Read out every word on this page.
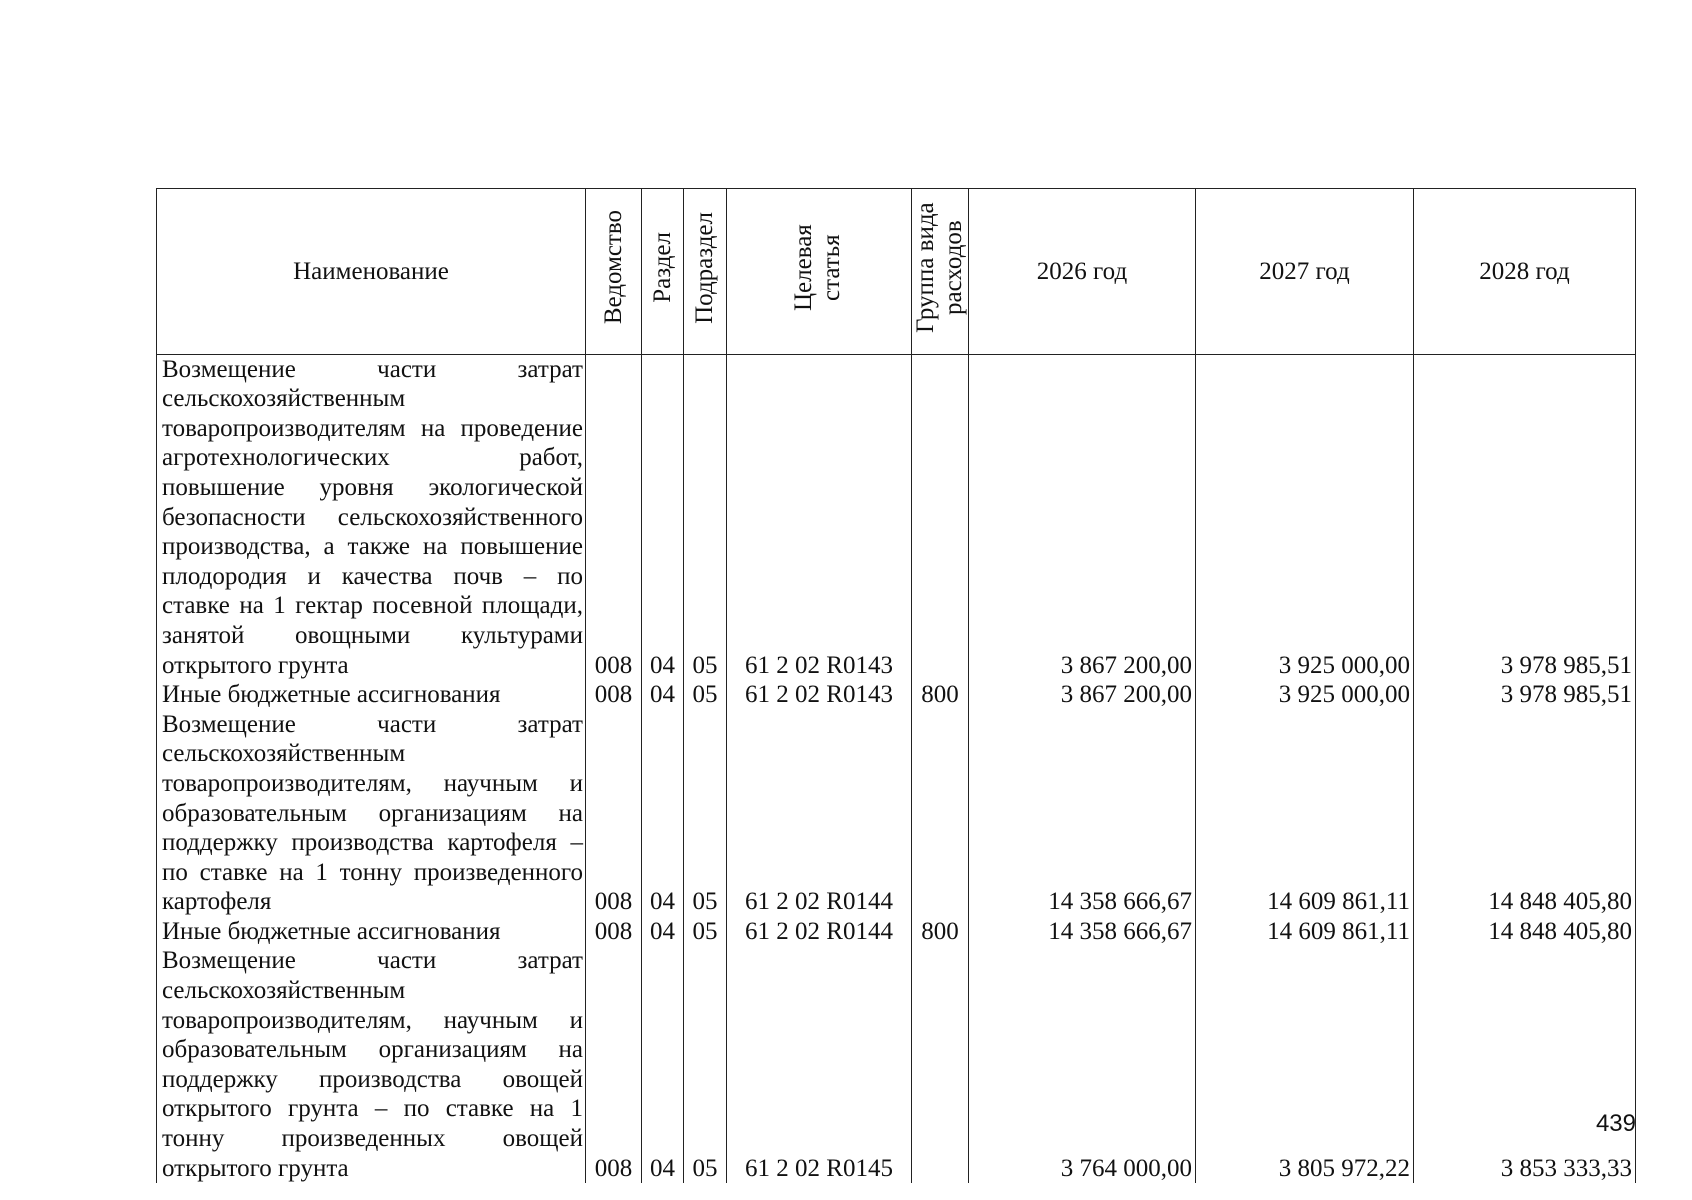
Наименование	Ведомство	Раздел	Подраздел	Целевая статья	Группа вида расходов	2026 год	2027 год	2028 год
Возмещение части затрат сельскохозяйственным товаропроизводителям на проведение агротехнологических работ, повышение уровня экологической безопасности сельскохозяйственного производства, а также на повышение плодородия и качества почв – по ставке на 1 гектар посевной площади, занятой овощными культурами открытого грунта	008	04	05	61 2 02 R0143		3 867 200,00	3 925 000,00	3 978 985,51
Иные бюджетные ассигнования	008	04	05	61 2 02 R0143	800	3 867 200,00	3 925 000,00	3 978 985,51
Возмещение части затрат сельскохозяйственным товаропроизводителям, научным и образовательным организациям на поддержку производства картофеля – по ставке на 1 тонну произведенного картофеля	008	04	05	61 2 02 R0144		14 358 666,67	14 609 861,11	14 848 405,80
Иные бюджетные ассигнования	008	04	05	61 2 02 R0144	800	14 358 666,67	14 609 861,11	14 848 405,80
Возмещение части затрат сельскохозяйственным товаропроизводителям, научным и образовательным организациям на поддержку производства овощей открытого грунта – по ставке на 1 тонну произведенных овощей открытого грунта	008	04	05	61 2 02 R0145		3 764 000,00	3 805 972,22	3 853 333,33
439
